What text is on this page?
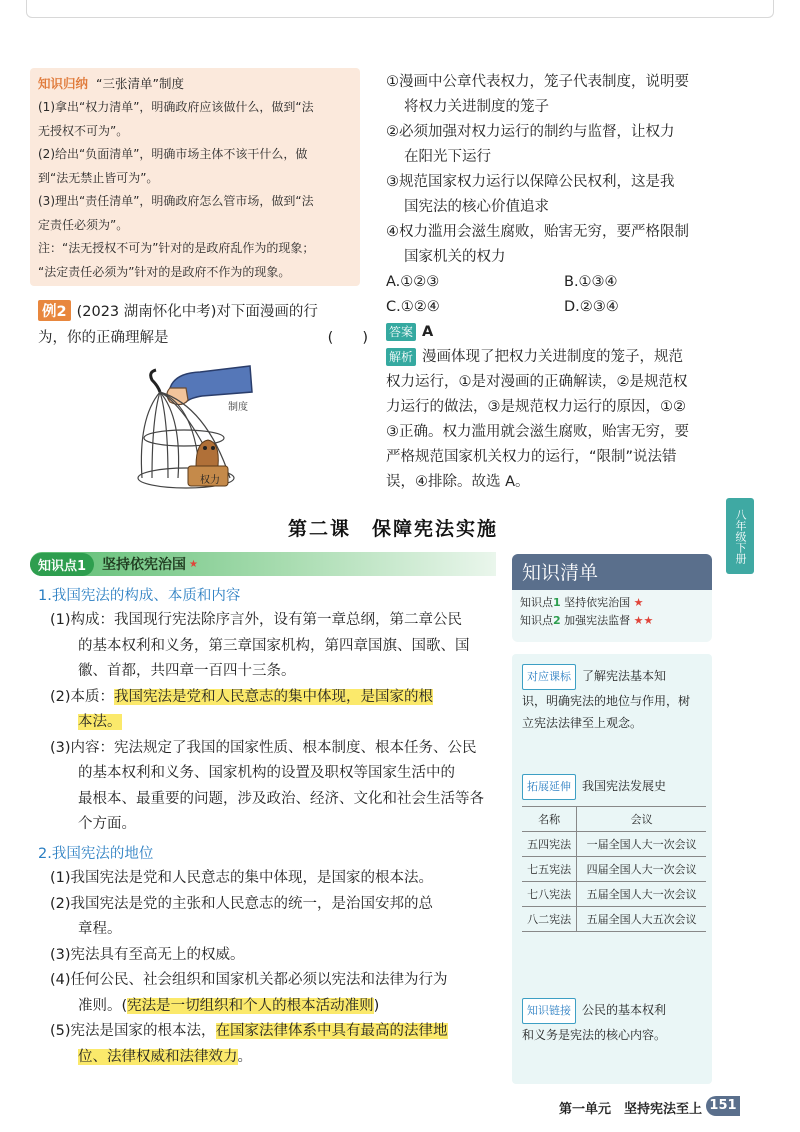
知识归纳 “三张清单”制度
(1)拿出“权力清单”，明确政府应该做什么，做到“法
无授权不可为”。
(2)给出“负面清单”，明确市场主体不该干什么，做
到“法无禁止皆可为”。
(3)理出“责任清单”，明确政府怎么管市场，做到“法
定责任必须为”。
注：“法无授权不可为”针对的是政府乱作为的现象；
“法定责任必须为”针对的是政府不作为的现象。
例2 (2023 湖南怀化中考)对下面漫画的行
为，你的正确理解是	(　　)
制度
权力
①漫画中公章代表权力，笼子代表制度，说明要
将权力关进制度的笼子
②必须加强对权力运行的制约与监督，让权力
在阳光下运行
③规范国家权力运行以保障公民权利，这是我
国宪法的核心价值追求
④权力滥用会滋生腐败，贻害无穷，要严格限制
国家机关的权力
A.①②③	B.①③④
C.①②④	D.②③④
答案 A
解析 漫画体现了把权力关进制度的笼子，规范
权力运行，①是对漫画的正确解读，②是规范权
力运行的做法，③是规范权力运行的原因，①②
③正确。权力滥用就会滋生腐败，贻害无穷，要
严格规范国家机关权力的运行，“限制”说法错
误，④排除。故选 A。
八年级下册
第二课　保障宪法实施
知识点1	坚持依宪治国 ★
1.我国宪法的构成、本质和内容
(1)构成：我国现行宪法除序言外，设有第一章总纲，第二章公民
的基本权利和义务，第三章国家机构，第四章国旗、国歌、国
徽、首都，共四章一百四十三条。
(2)本质：我国宪法是党和人民意志的集中体现，是国家的根
本法。
(3)内容：宪法规定了我国的国家性质、根本制度、根本任务、公民
的基本权利和义务、国家机构的设置及职权等国家生活中的
最根本、最重要的问题，涉及政治、经济、文化和社会生活等各
个方面。
2.我国宪法的地位
(1)我国宪法是党和人民意志的集中体现，是国家的根本法。
(2)我国宪法是党的主张和人民意志的统一，是治国安邦的总
章程。
(3)宪法具有至高无上的权威。
(4)任何公民、社会组织和国家机关都必须以宪法和法律为行为
准则。(宪法是一切组织和个人的根本活动准则)
(5)宪法是国家的根本法，在国家法律体系中具有最高的法律地
位、法律权威和法律效力。
知识清单
知识点1 坚持依宪治国 ★
知识点2 加强宪法监督 ★★
对应课标 了解宪法基本知
识，明确宪法的地位与作用，树
立宪法法律至上观念。
拓展延伸 我国宪法发展史
名称	会议
五四宪法	一届全国人大一次会议
七五宪法	四届全国人大一次会议
七八宪法	五届全国人大一次会议
八二宪法	五届全国人大五次会议
知识链接 公民的基本权利
和义务是宪法的核心内容。
第一单元　坚持宪法至上 151
